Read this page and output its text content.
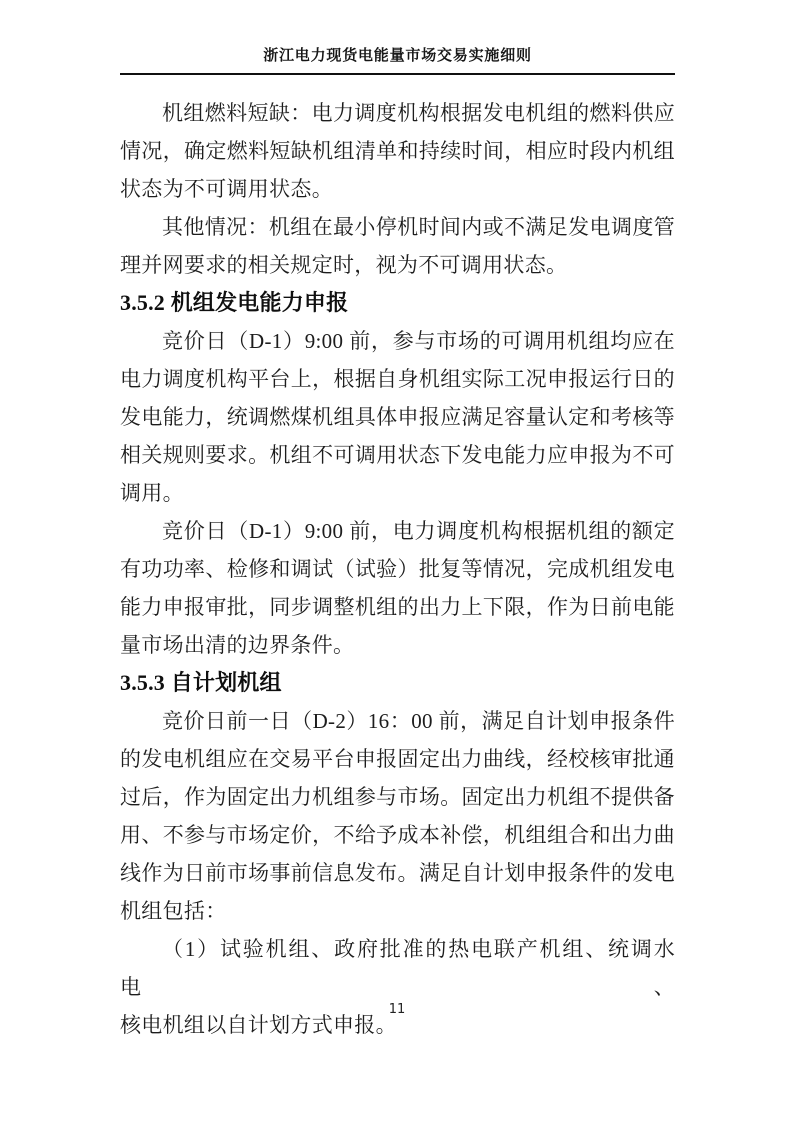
浙江电力现货电能量市场交易实施细则
机组燃料短缺：电力调度机构根据发电机组的燃料供应
情况，确定燃料短缺机组清单和持续时间，相应时段内机组
状态为不可调用状态。
其他情况：机组在最小停机时间内或不满足发电调度管
理并网要求的相关规定时，视为不可调用状态。
3.5.2 机组发电能力申报
竞价日（D-1）9:00 前，参与市场的可调用机组均应在
电力调度机构平台上，根据自身机组实际工况申报运行日的
发电能力，统调燃煤机组具体申报应满足容量认定和考核等
相关规则要求。机组不可调用状态下发电能力应申报为不可
调用。
竞价日（D-1）9:00 前，电力调度机构根据机组的额定
有功功率、检修和调试（试验）批复等情况，完成机组发电
能力申报审批，同步调整机组的出力上下限，作为日前电能
量市场出清的边界条件。
3.5.3 自计划机组
竞价日前一日（D-2）16：00 前，满足自计划申报条件
的发电机组应在交易平台申报固定出力曲线，经校核审批通
过后，作为固定出力机组参与市场。固定出力机组不提供备
用、不参与市场定价，不给予成本补偿，机组组合和出力曲
线作为日前市场事前信息发布。满足自计划申报条件的发电
机组包括：
（1）试验机组、政府批准的热电联产机组、统调水电、
核电机组以自计划方式申报。
11
